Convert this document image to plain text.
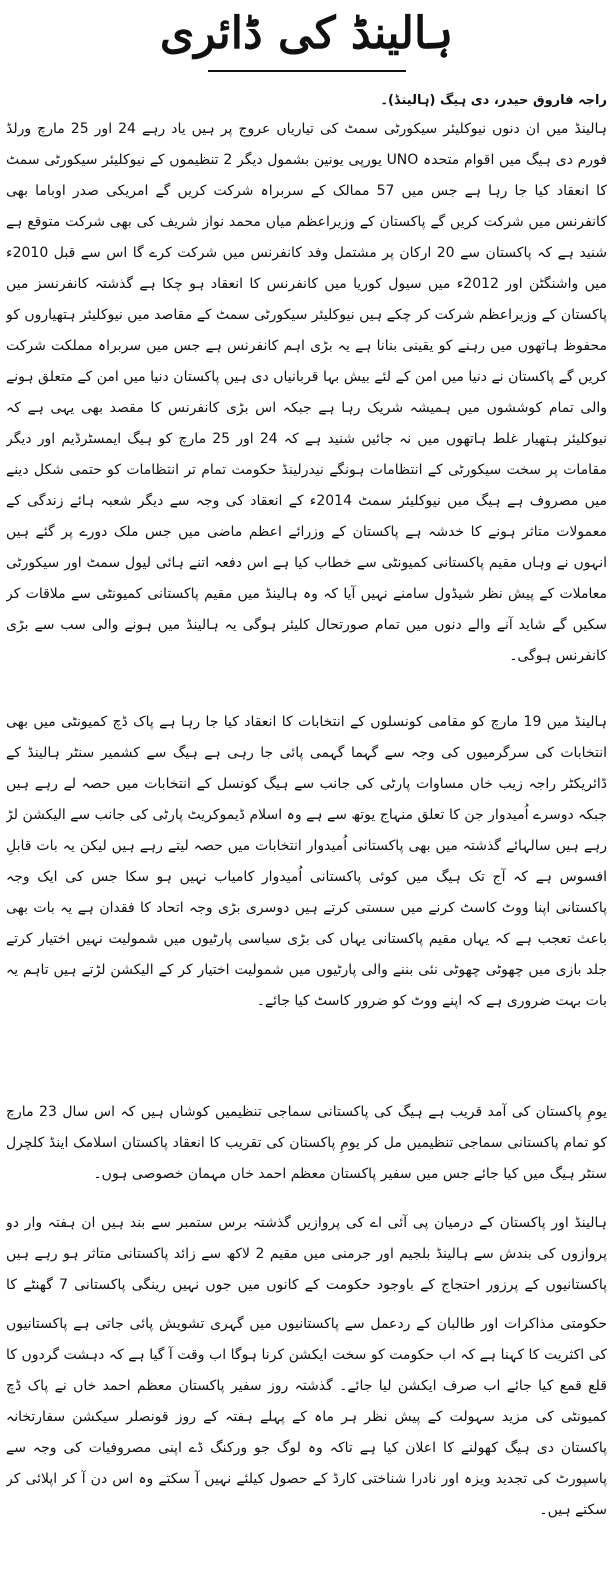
ہالینڈ کی ڈائری
راجہ فاروق حیدر، دی ہیگ (ہالینڈ)۔

ہالینڈ میں ان دنوں نیوکلیئر سیکورٹی سمٹ کی تیاریاں عروج پر ہیں یاد رہے 24 اور 25 مارچ ورلڈ فورم دی ہیگ میں اقوام متحدہ UNO یورپی یونین بشمول دیگر 2 تنظیموں کے نیوکلیئر سیکورٹی سمٹ کا انعقاد کیا جا رہا ہے جس میں 57 ممالک کے سربراہ شرکت کریں گے امریکی صدر اوباما بھی کانفرنس میں شرکت کریں گے پاکستان کے وزیراعظم میاں محمد نواز شریف کی بھی شرکت متوقع ہے شنید ہے کہ پاکستان سے 20 ارکان پر مشتمل وفد کانفرنس میں شرکت کرے گا اس سے قبل 2010ء میں واشنگٹن اور 2012ء میں سیول کوریا میں کانفرنس کا انعقاد ہو چکا ہے گذشتہ کانفرنسز میں پاکستان کے وزیراعظم شرکت کر چکے ہیں نیوکلیئر سیکورٹی سمٹ کے مقاصد میں نیوکلیئر ہتھیاروں کو محفوظ ہاتھوں میں رہنے کو یقینی بنانا ہے یہ بڑی اہم کانفرنس ہے جس میں سربراہ مملکت شرکت کریں گے پاکستان نے دنیا میں امن کے لئے بیش بہا قربانیاں دی ہیں پاکستان دنیا میں امن کے متعلق ہونے والی تمام کوششوں میں ہمیشہ شریک رہا ہے جبکہ اس بڑی کانفرنس کا مقصد بھی یہی ہے کہ نیوکلیئر ہتھیار غلط ہاتھوں میں نہ جائیں شنید ہے کہ 24 اور 25 مارچ کو ہیگ ایمسٹرڈیم اور دیگر مقامات پر سخت سیکورٹی کے انتظامات ہونگے نیدرلینڈ حکومت تمام تر انتظامات کو حتمی شکل دینے میں مصروف ہے ہیگ میں نیوکلیئر سمٹ 2014ء کے انعقاد کی وجہ سے دیگر شعبہ ہائے زندگی کے معمولات متاثر ہونے کا خدشہ ہے پاکستان کے وزرائے اعظم ماضی میں جس ملک دورے پر گئے ہیں انہوں نے وہاں مقیم پاکستانی کمیونٹی سے خطاب کیا ہے اس دفعہ اتنے ہائی لیول سمٹ اور سیکورٹی معاملات کے پیش نظر شیڈول سامنے نہیں آیا کہ وہ ہالینڈ میں مقیم پاکستانی کمیونٹی سے ملاقات کر سکیں گے شاید آنے والے دنوں میں تمام صورتحال کلیئر ہوگی یہ ہالینڈ میں ہونے والی سب سے بڑی کانفرنس ہوگی۔

ہالینڈ میں 19 مارچ کو مقامی کونسلوں کے انتخابات کا انعقاد کیا جا رہا ہے پاک ڈچ کمیونٹی میں بھی انتخابات کی سرگرمیوں کی وجہ سے گہما گہمی پائی جا رہی ہے ہیگ سے کشمیر سنٹر ہالینڈ کے ڈائریکٹر راجہ زیب خاں مساوات پارٹی کی جانب سے ہیگ کونسل کے انتخابات میں حصہ لے رہے ہیں جبکہ دوسرے اُمیدوار جن کا تعلق منہاج یوتھ سے ہے وہ اسلام ڈیموکریٹ پارٹی کی جانب سے الیکشن لڑ رہے ہیں سالہائے گذشتہ میں بھی پاکستانی اُمیدوار انتخابات میں حصہ لیتے رہے ہیں لیکن یہ بات قابلِ افسوس ہے کہ آج تک ہیگ میں کوئی پاکستانی اُمیدوار کامیاب نہیں ہو سکا جس کی ایک وجہ پاکستانی اپنا ووٹ کاسٹ کرنے میں سستی کرتے ہیں دوسری بڑی وجہ اتحاد کا فقدان ہے یہ بات بھی باعث تعجب ہے کہ یہاں مقیم پاکستانی یہاں کی بڑی سیاسی پارٹیوں میں شمولیت نہیں اختیار کرتے جلد بازی میں چھوٹی چھوٹی نئی بننے والی پارٹیوں میں شمولیت اختیار کر کے الیکشن لڑتے ہیں تاہم یہ بات بہت ضروری ہے کہ اپنے ووٹ کو ضرور کاسٹ کیا جائے۔

یومِ پاکستان کی آمد قریب ہے ہیگ کی پاکستانی سماجی تنظیمیں کوشاں ہیں کہ اس سال 23 مارچ کو تمام پاکستانی سماجی تنظیمیں مل کر یومِ پاکستان کی تقریب کا انعقاد پاکستان اسلامک اینڈ کلچرل سنٹر ہیگ میں کیا جائے جس میں سفیر پاکستان معظم احمد خاں مہمان خصوصی ہوں۔

ہالینڈ اور پاکستان کے درمیان پی آئی اے کی پروازیں گذشتہ برس ستمبر سے بند ہیں ان ہفتہ وار دو پروازوں کی بندش سے ہالینڈ بلجیم اور جرمنی میں مقیم 2 لاکھ سے زائد پاکستانی متاثر ہو رہے ہیں پاکستانیوں کے پرزور احتجاج کے باوجود حکومت کے کانوں میں جوں نہیں رینگی پاکستانی 7 گھنٹے کا

حکومتی مذاکرات اور طالبان کے ردعمل سے پاکستانیوں میں گہری تشویش پائی جاتی ہے پاکستانیوں کی اکثریت کا کہنا ہے کہ اب حکومت کو سخت ایکشن کرنا ہوگا اب وقت آ گیا ہے کہ دہشت گردوں کا قلع قمع کیا جائے اب صرف ایکشن لیا جائے۔ گذشتہ روز سفیر پاکستان معظم احمد خاں نے پاک ڈچ کمیونٹی کی مزید سہولت کے پیش نظر ہر ماہ کے پہلے ہفتہ کے روز قونصلر سیکشن سفارتخانہ پاکستان دی ہیگ کھولنے کا اعلان کیا ہے تاکہ وہ لوگ جو ورکنگ ڈے اپنی مصروفیات کی وجہ سے پاسپورٹ کی تجدید ویزہ اور نادرا شناختی کارڈ کے حصول کیلئے نہیں آ سکتے وہ اس دن آ کر اپلائی کر سکتے ہیں۔
